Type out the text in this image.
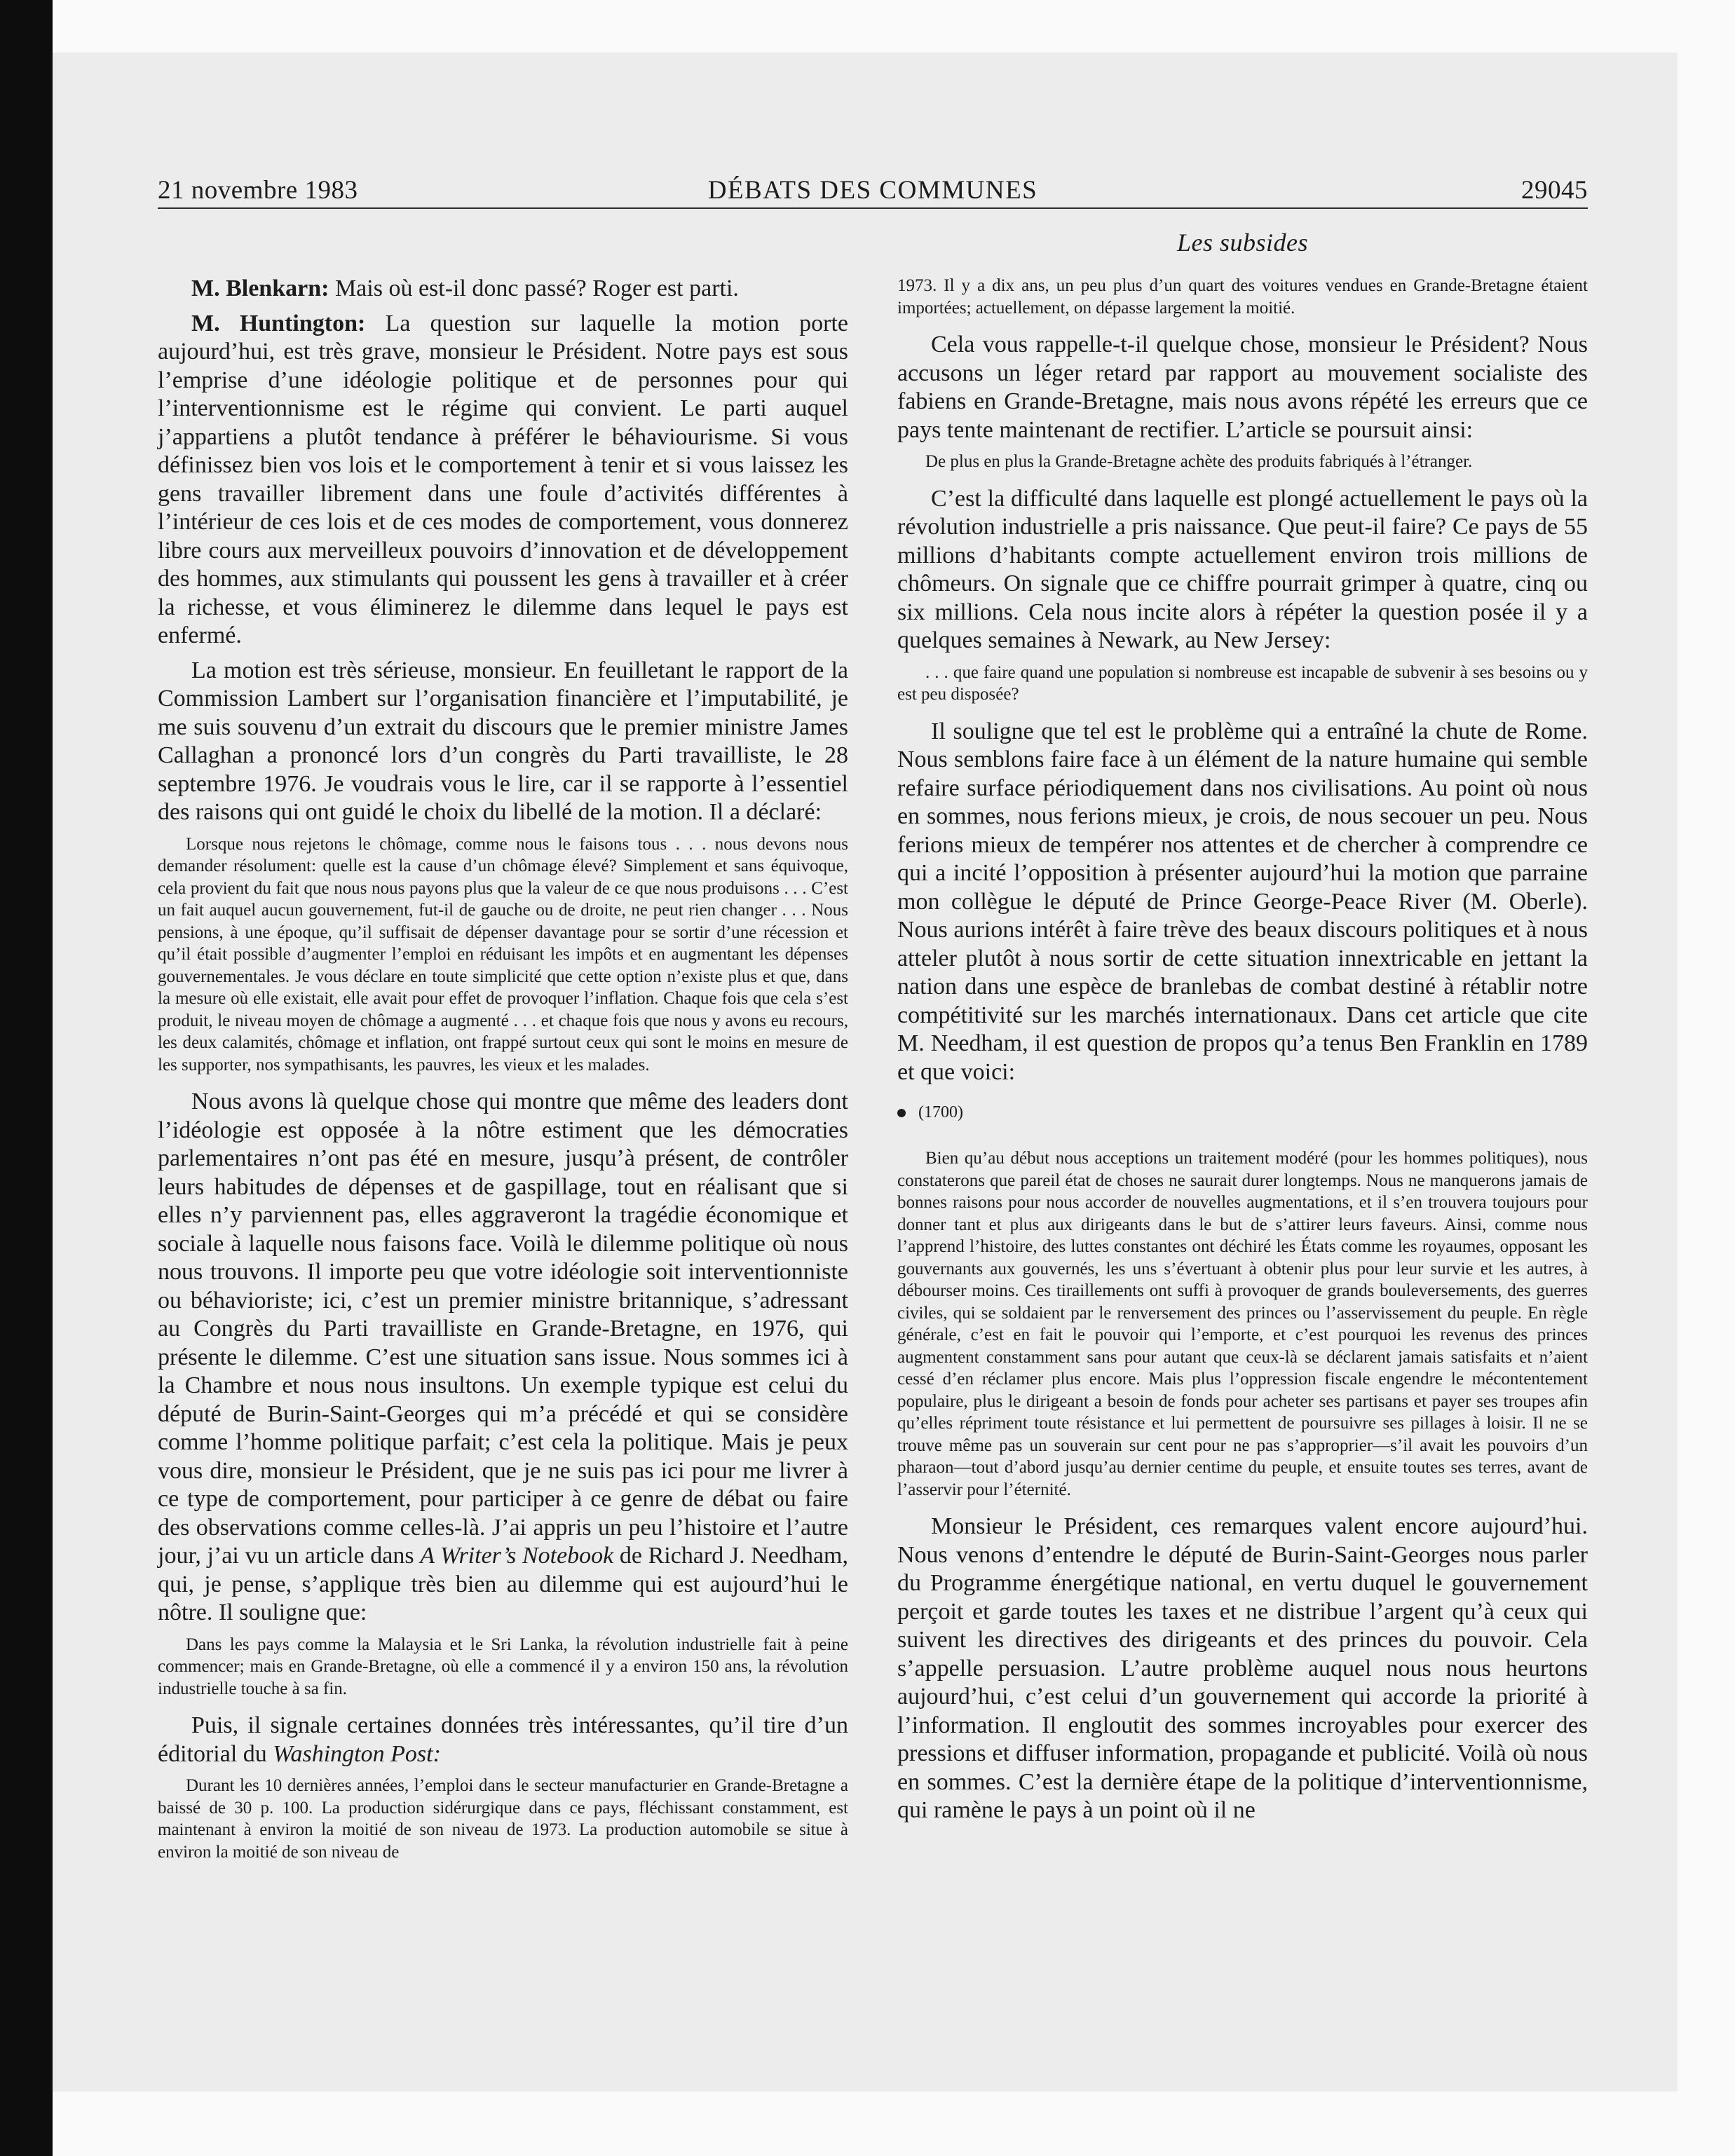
21 novembre 1983	DÉBATS DES COMMUNES	29045
Les subsides

M. Blenkarn: Mais où est-il donc passé? Roger est parti.

M. Huntington: La question sur laquelle la motion porte aujourd’hui, est très grave, monsieur le Président. Notre pays est sous l’emprise d’une idéologie politique et de personnes pour qui l’interventionnisme est le régime qui convient. Le parti auquel j’appartiens a plutôt tendance à préférer le béhaviourisme. Si vous définissez bien vos lois et le comportement à tenir et si vous laissez les gens travailler librement dans une foule d’activités différentes à l’intérieur de ces lois et de ces modes de comportement, vous donnerez libre cours aux merveilleux pouvoirs d’innovation et de développement des hommes, aux stimulants qui poussent les gens à travailler et à créer la richesse, et vous éliminerez le dilemme dans lequel le pays est enfermé.

La motion est très sérieuse, monsieur. En feuilletant le rapport de la Commission Lambert sur l’organisation financière et l’imputabilité, je me suis souvenu d’un extrait du discours que le premier ministre James Callaghan a prononcé lors d’un congrès du Parti travailliste, le 28 septembre 1976. Je voudrais vous le lire, car il se rapporte à l’essentiel des raisons qui ont guidé le choix du libellé de la motion. Il a déclaré:

Lorsque nous rejetons le chômage, comme nous le faisons tous . . . nous devons nous demander résolument: quelle est la cause d’un chômage élevé? Simplement et sans équivoque, cela provient du fait que nous nous payons plus que la valeur de ce que nous produisons . . . C’est un fait auquel aucun gouvernement, fut-il de gauche ou de droite, ne peut rien changer . . . Nous pensions, à une époque, qu’il suffisait de dépenser davantage pour se sortir d’une récession et qu’il était possible d’augmenter l’emploi en réduisant les impôts et en augmentant les dépenses gouvernementales. Je vous déclare en toute simplicité que cette option n’existe plus et que, dans la mesure où elle existait, elle avait pour effet de provoquer l’inflation. Chaque fois que cela s’est produit, le niveau moyen de chômage a augmenté . . . et chaque fois que nous y avons eu recours, les deux calamités, chômage et inflation, ont frappé surtout ceux qui sont le moins en mesure de les supporter, nos sympathisants, les pauvres, les vieux et les malades.

Nous avons là quelque chose qui montre que même des leaders dont l’idéologie est opposée à la nôtre estiment que les démocraties parlementaires n’ont pas été en mesure, jusqu’à présent, de contrôler leurs habitudes de dépenses et de gaspillage, tout en réalisant que si elles n’y parviennent pas, elles aggraveront la tragédie économique et sociale à laquelle nous faisons face. Voilà le dilemme politique où nous nous trouvons. Il importe peu que votre idéologie soit interventionniste ou béhavioriste; ici, c’est un premier ministre britannique, s’adressant au Congrès du Parti travailliste en Grande-Bretagne, en 1976, qui présente le dilemme. C’est une situation sans issue. Nous sommes ici à la Chambre et nous nous insultons. Un exemple typique est celui du député de Burin-Saint-Georges qui m’a précédé et qui se considère comme l’homme politique parfait; c’est cela la politique. Mais je peux vous dire, monsieur le Président, que je ne suis pas ici pour me livrer à ce type de comportement, pour participer à ce genre de débat ou faire des observations comme celles-là. J’ai appris un peu l’histoire et l’autre jour, j’ai vu un article dans A Writer’s Notebook de Richard J. Needham, qui, je pense, s’applique très bien au dilemme qui est aujourd’hui le nôtre. Il souligne que:

Dans les pays comme la Malaysia et le Sri Lanka, la révolution industrielle fait à peine commencer; mais en Grande-Bretagne, où elle a commencé il y a environ 150 ans, la révolution industrielle touche à sa fin.

Puis, il signale certaines données très intéressantes, qu’il tire d’un éditorial du Washington Post:

Durant les 10 dernières années, l’emploi dans le secteur manufacturier en Grande-Bretagne a baissé de 30 p. 100. La production sidérurgique dans ce pays, fléchissant constamment, est maintenant à environ la moitié de son niveau de 1973. La production automobile se situe à environ la moitié de son niveau de

1973. Il y a dix ans, un peu plus d’un quart des voitures vendues en Grande-Bretagne étaient importées; actuellement, on dépasse largement la moitié.

Cela vous rappelle-t-il quelque chose, monsieur le Président? Nous accusons un léger retard par rapport au mouvement socialiste des fabiens en Grande-Bretagne, mais nous avons répété les erreurs que ce pays tente maintenant de rectifier. L’article se poursuit ainsi:

De plus en plus la Grande-Bretagne achète des produits fabriqués à l’étranger.

C’est la difficulté dans laquelle est plongé actuellement le pays où la révolution industrielle a pris naissance. Que peut-il faire? Ce pays de 55 millions d’habitants compte actuellement environ trois millions de chômeurs. On signale que ce chiffre pourrait grimper à quatre, cinq ou six millions. Cela nous incite alors à répéter la question posée il y a quelques semaines à Newark, au New Jersey:

. . . que faire quand une population si nombreuse est incapable de subvenir à ses besoins ou y est peu disposée?

Il souligne que tel est le problème qui a entraîné la chute de Rome. Nous semblons faire face à un élément de la nature humaine qui semble refaire surface périodiquement dans nos civilisations. Au point où nous en sommes, nous ferions mieux, je crois, de nous secouer un peu. Nous ferions mieux de tempérer nos attentes et de chercher à comprendre ce qui a incité l’opposition à présenter aujourd’hui la motion que parraine mon collègue le député de Prince George-Peace River (M. Oberle). Nous aurions intérêt à faire trève des beaux discours politiques et à nous atteler plutôt à nous sortir de cette situation innextricable en jettant la nation dans une espèce de branlebas de combat destiné à rétablir notre compétitivité sur les marchés internationaux. Dans cet article que cite M. Needham, il est question de propos qu’a tenus Ben Franklin en 1789 et que voici:

(1700)

Bien qu’au début nous acceptions un traitement modéré (pour les hommes politiques), nous constaterons que pareil état de choses ne saurait durer longtemps. Nous ne manquerons jamais de bonnes raisons pour nous accorder de nouvelles augmentations, et il s’en trouvera toujours pour donner tant et plus aux dirigeants dans le but de s’attirer leurs faveurs. Ainsi, comme nous l’apprend l’histoire, des luttes constantes ont déchiré les États comme les royaumes, opposant les gouvernants aux gouvernés, les uns s’évertuant à obtenir plus pour leur survie et les autres, à débourser moins. Ces tiraillements ont suffi à provoquer de grands bouleversements, des guerres civiles, qui se soldaient par le renversement des princes ou l’asservissement du peuple. En règle générale, c’est en fait le pouvoir qui l’emporte, et c’est pourquoi les revenus des princes augmentent constamment sans pour autant que ceux-là se déclarent jamais satisfaits et n’aient cessé d’en réclamer plus encore. Mais plus l’oppression fiscale engendre le mécontentement populaire, plus le dirigeant a besoin de fonds pour acheter ses partisans et payer ses troupes afin qu’elles répriment toute résistance et lui permettent de poursuivre ses pillages à loisir. Il ne se trouve même pas un souverain sur cent pour ne pas s’approprier—s’il avait les pouvoirs d’un pharaon—tout d’abord jusqu’au dernier centime du peuple, et ensuite toutes ses terres, avant de l’asservir pour l’éternité.

Monsieur le Président, ces remarques valent encore aujourd’hui. Nous venons d’entendre le député de Burin-Saint-Georges nous parler du Programme énergétique national, en vertu duquel le gouvernement perçoit et garde toutes les taxes et ne distribue l’argent qu’à ceux qui suivent les directives des dirigeants et des princes du pouvoir. Cela s’appelle persuasion. L’autre problème auquel nous nous heurtons aujourd’hui, c’est celui d’un gouvernement qui accorde la priorité à l’information. Il engloutit des sommes incroyables pour exercer des pressions et diffuser information, propagande et publicité. Voilà où nous en sommes. C’est la dernière étape de la politique d’interventionnisme, qui ramène le pays à un point où il ne
